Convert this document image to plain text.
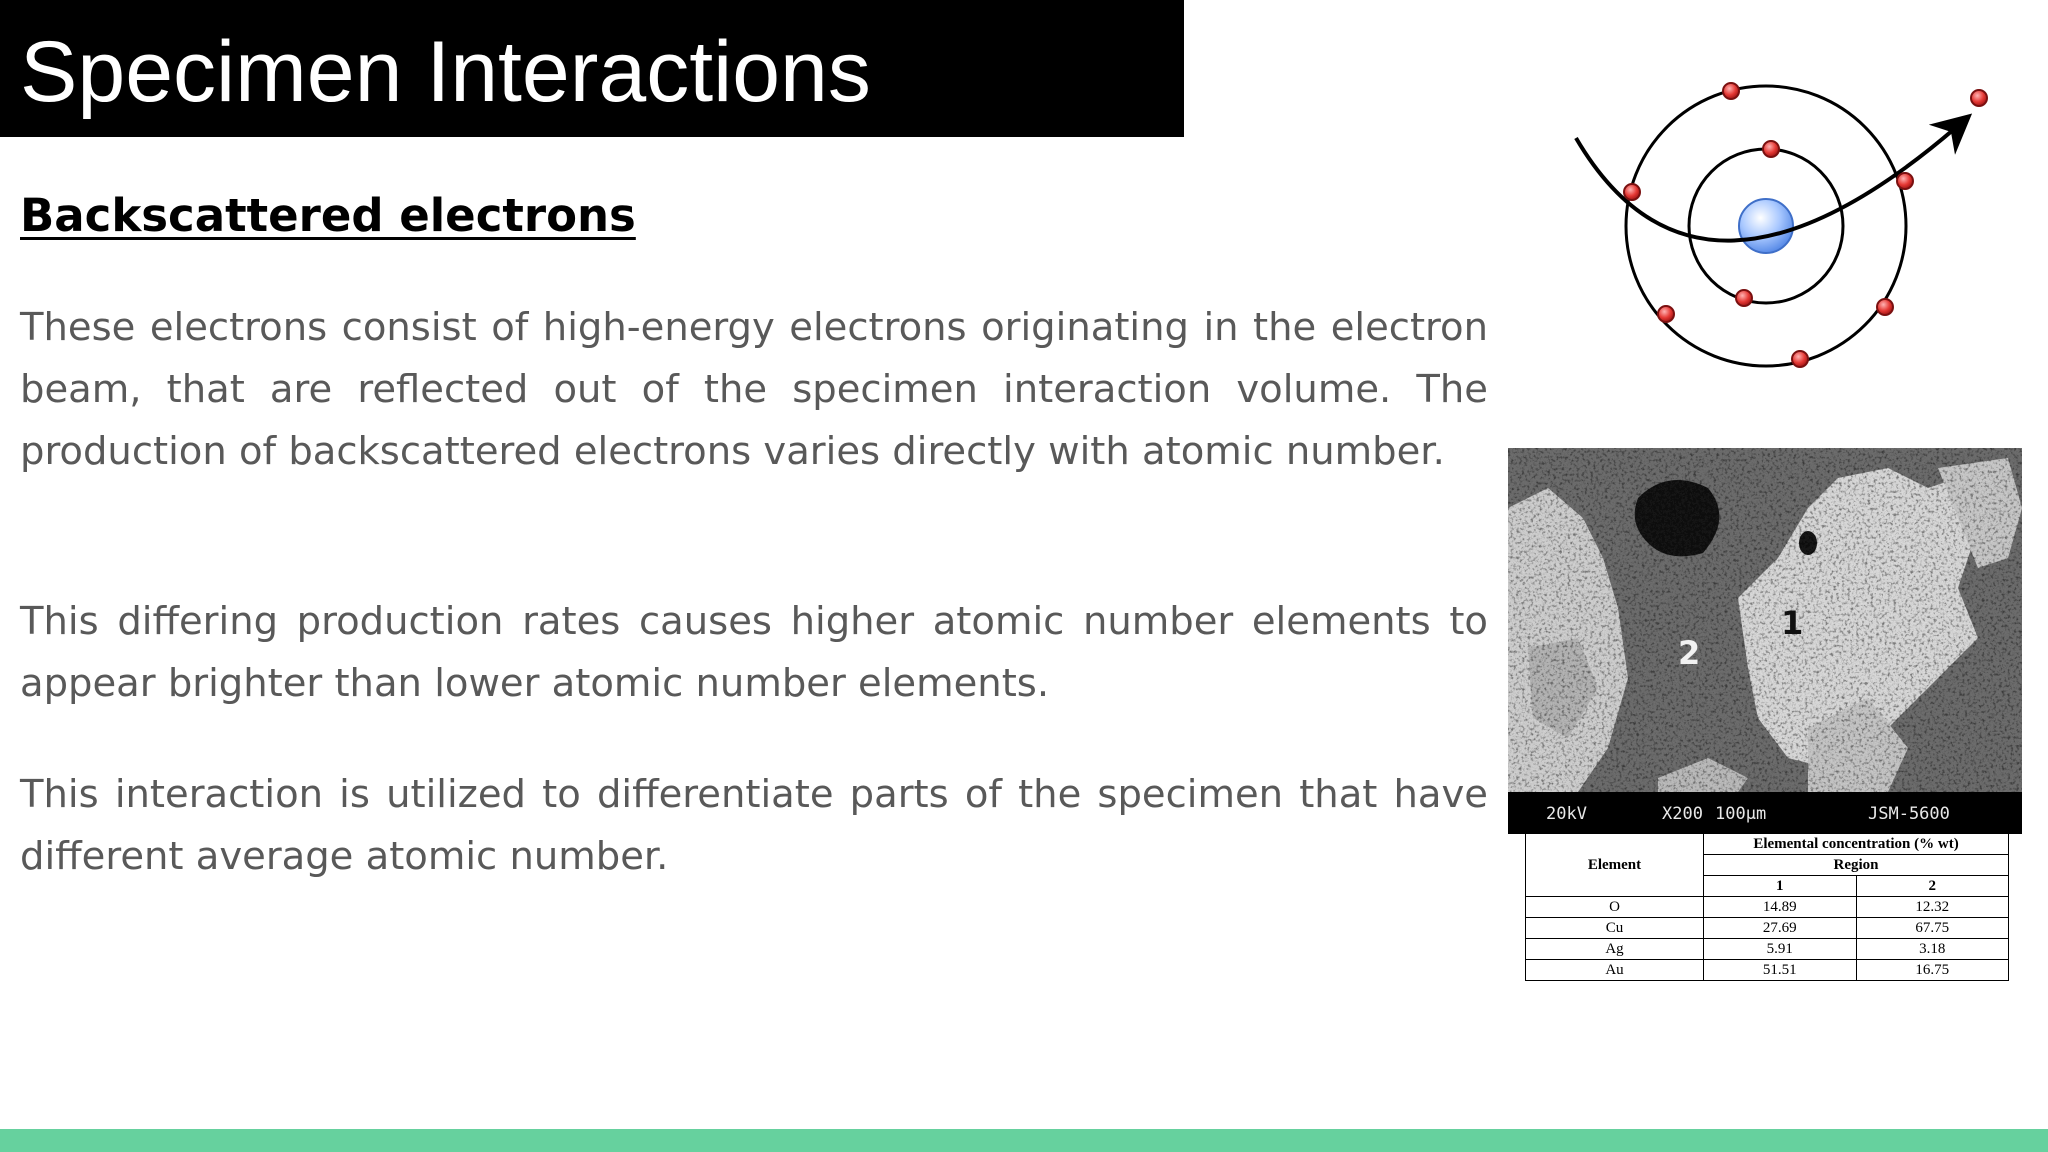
Specimen Interactions
Backscattered electrons

These electrons consist of high-energy electrons originating in the electron beam, that are reflected out of the specimen interaction volume. The production of backscattered electrons varies directly with atomic number.

This differing production rates causes higher atomic number elements to appear brighter than lower atomic number elements.

This interaction is utilized to differentiate parts of the specimen that have different average atomic number.

1
2
20kV	X200 100µm	JSM-5600
Element	Elemental concentration (% wt)	
	Region	
	1	2
O	14.89	12.32
Cu	27.69	67.75
Ag	5.91	3.18
Au	51.51	16.75
